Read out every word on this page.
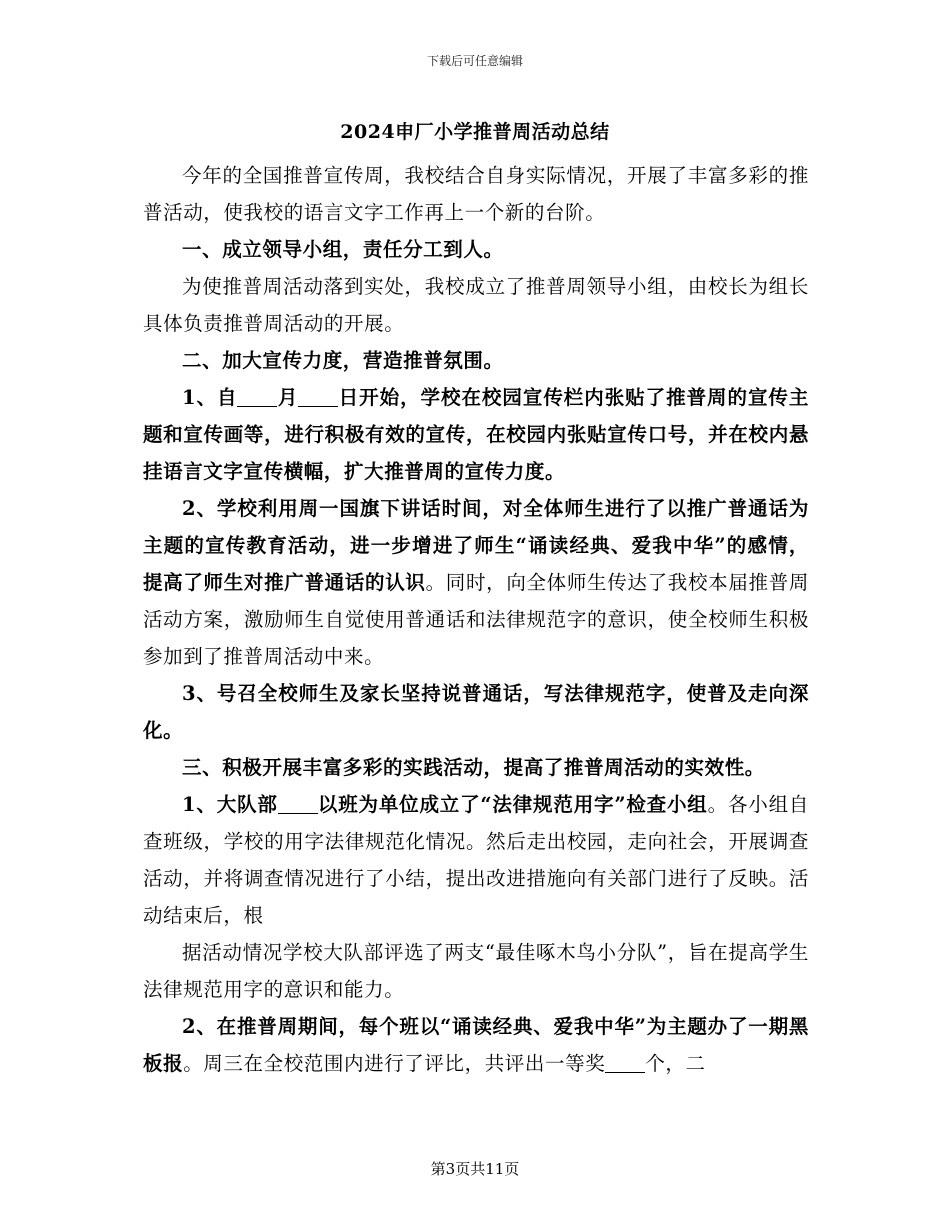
下载后可任意编辑
2024申厂小学推普周活动总结

今年的全国推普宣传周，我校结合自身实际情况，开展了丰富多彩的推普活动，使我校的语言文字工作再上一个新的台阶。

一、成立领导小组，责任分工到人。

为使推普周活动落到实处，我校成立了推普周领导小组，由校长为组长具体负责推普周活动的开展。

二、加大宣传力度，营造推普氛围。

1、自 月 日开始，学校在校园宣传栏内张贴了推普周的宣传主题和宣传画等，进行积极有效的宣传，在校园内张贴宣传口号，并在校内悬挂语言文字宣传横幅，扩大推普周的宣传力度。

2、学校利用周一国旗下讲话时间，对全体师生进行了以推广普通话为主题的宣传教育活动，进一步增进了师生“诵读经典、爱我中华”的感情，提高了师生对推广普通话的认识。同时，向全体师生传达了我校本届推普周活动方案，激励师生自觉使用普通话和法律规范字的意识，使全校师生积极参加到了推普周活动中来。

3、号召全校师生及家长坚持说普通话，写法律规范字，使普及走向深化。

三、积极开展丰富多彩的实践活动，提高了推普周活动的实效性。

1、大队部 以班为单位成立了“法律规范用字”检查小组。各小组自查班级，学校的用字法律规范化情况。然后走出校园，走向社会，开展调查活动，并将调查情况进行了小结，提出改进措施向有关部门进行了反映。活动结束后，根

据活动情况学校大队部评选了两支“最佳啄木鸟小分队”，旨在提高学生法律规范用字的意识和能力。

2、在推普周期间，每个班以“诵读经典、爱我中华”为主题办了一期黑板报。周三在全校范围内进行了评比，共评出一等奖 个，二

第3页共11页
